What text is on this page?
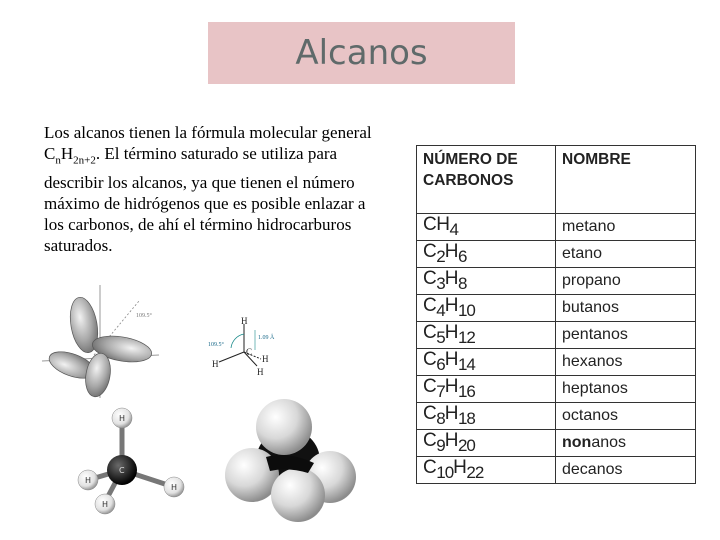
Alcanos
Los alcanos tienen la fórmula molecular general $C_nH_{2n+2}$. El término saturado se utiliza para describir los alcanos, ya que tienen el número máximo de hidrógenos que es posible enlazar a los carbonos, de ahí el término hidrocarburos saturados.
NÚMERO DE CARBONOS	NOMBRE
$CH_4$	metano
$C_2H_6$	etano
$C_3H_8$	propano
$C_4H_{10}$	butanos
$C_5H_{12}$	pentanos
$C_6H_{14}$	hexanos
$C_7H_{16}$	heptanos
$C_8H_{18}$	octanos
$C_9H_{20}$	nonanos
$C_{10}H_{22}$	decanos
109.5°	H
H	H
H
C
109.5°
1.09 Å
H
H
H
H
C
